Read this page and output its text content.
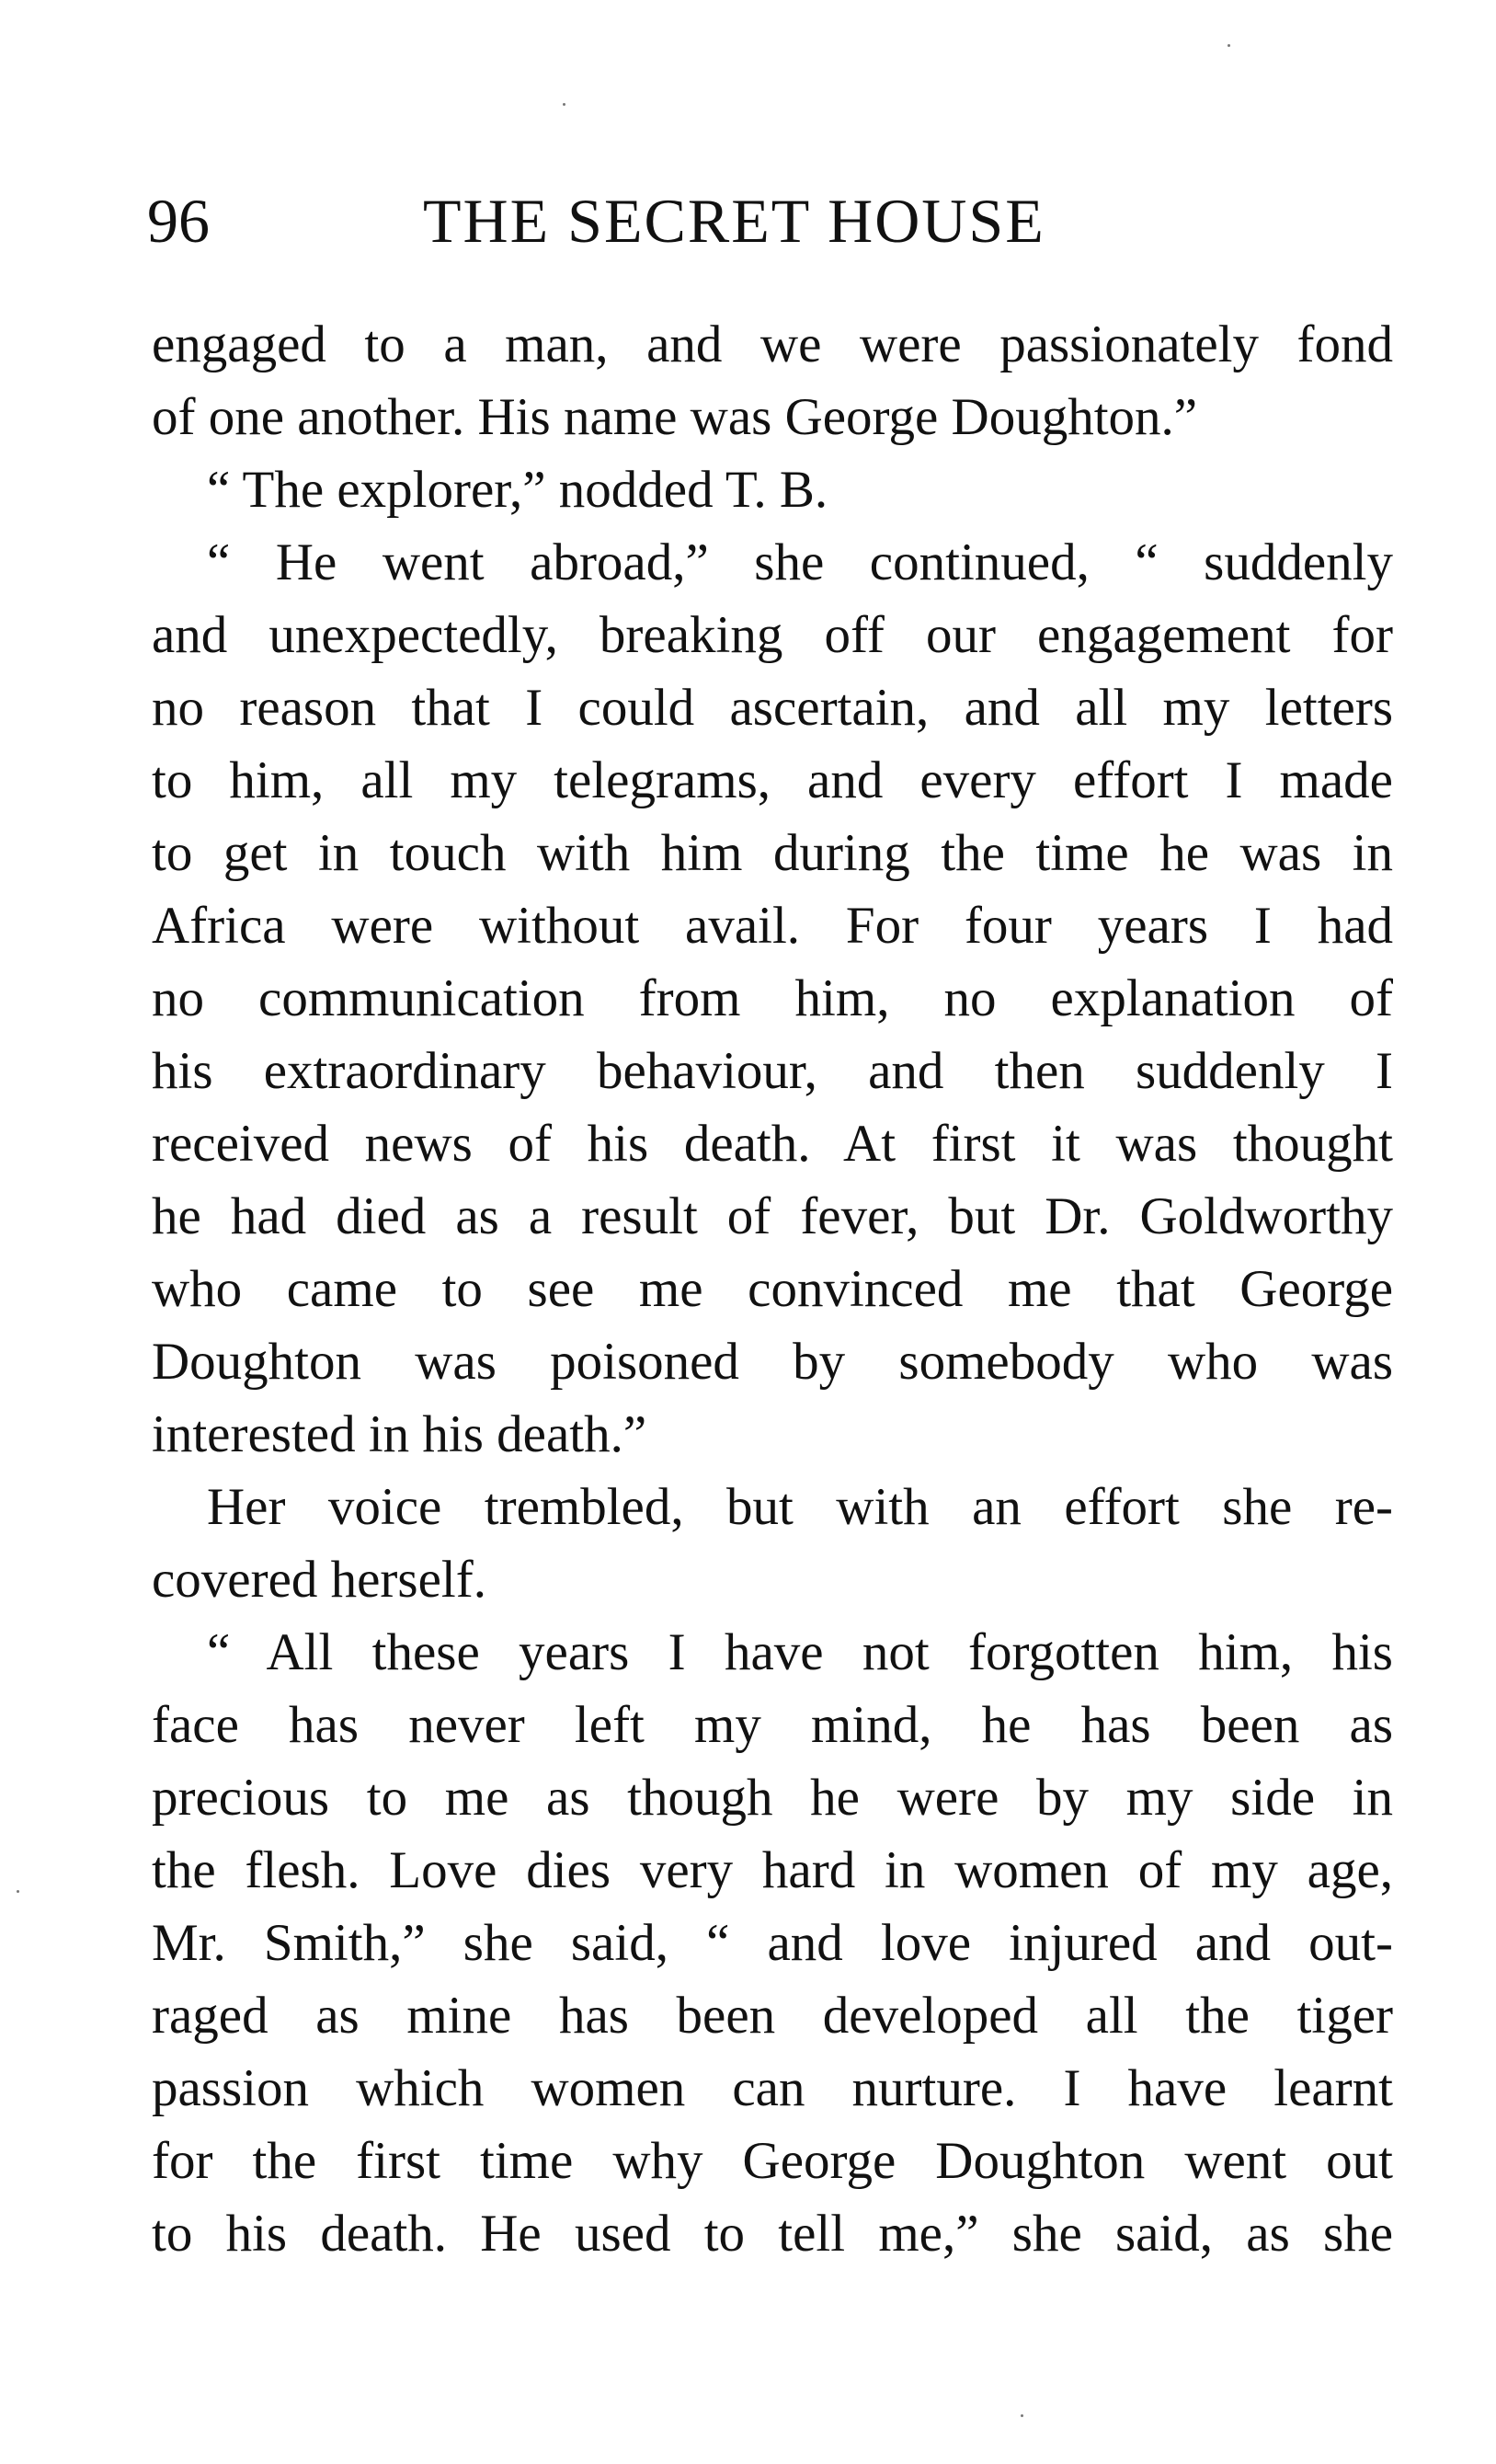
96	THE SECRET HOUSE
engaged to a man, and we were passionately fond
of one another. His name was George Doughton.”
“ The explorer,” nodded T. B.
“ He went abroad,” she continued, “ suddenly
and unexpectedly, breaking off our engagement for
no reason that I could ascertain, and all my letters
to him, all my telegrams, and every effort I made
to get in touch with him during the time he was in
Africa were without avail. For four years I had
no communication from him, no explanation of
his extraordinary behaviour, and then suddenly I
received news of his death. At first it was thought
he had died as a result of fever, but Dr. Goldworthy
who came to see me convinced me that George
Doughton was poisoned by somebody who was
interested in his death.”
Her voice trembled, but with an effort she re-
covered herself.
“ All these years I have not forgotten him, his
face has never left my mind, he has been as
precious to me as though he were by my side in
the flesh. Love dies very hard in women of my age,
Mr. Smith,” she said, “ and love injured and out-
raged as mine has been developed all the tiger
passion which women can nurture. I have learnt
for the first time why George Doughton went out
to his death. He used to tell me,” she said, as she
